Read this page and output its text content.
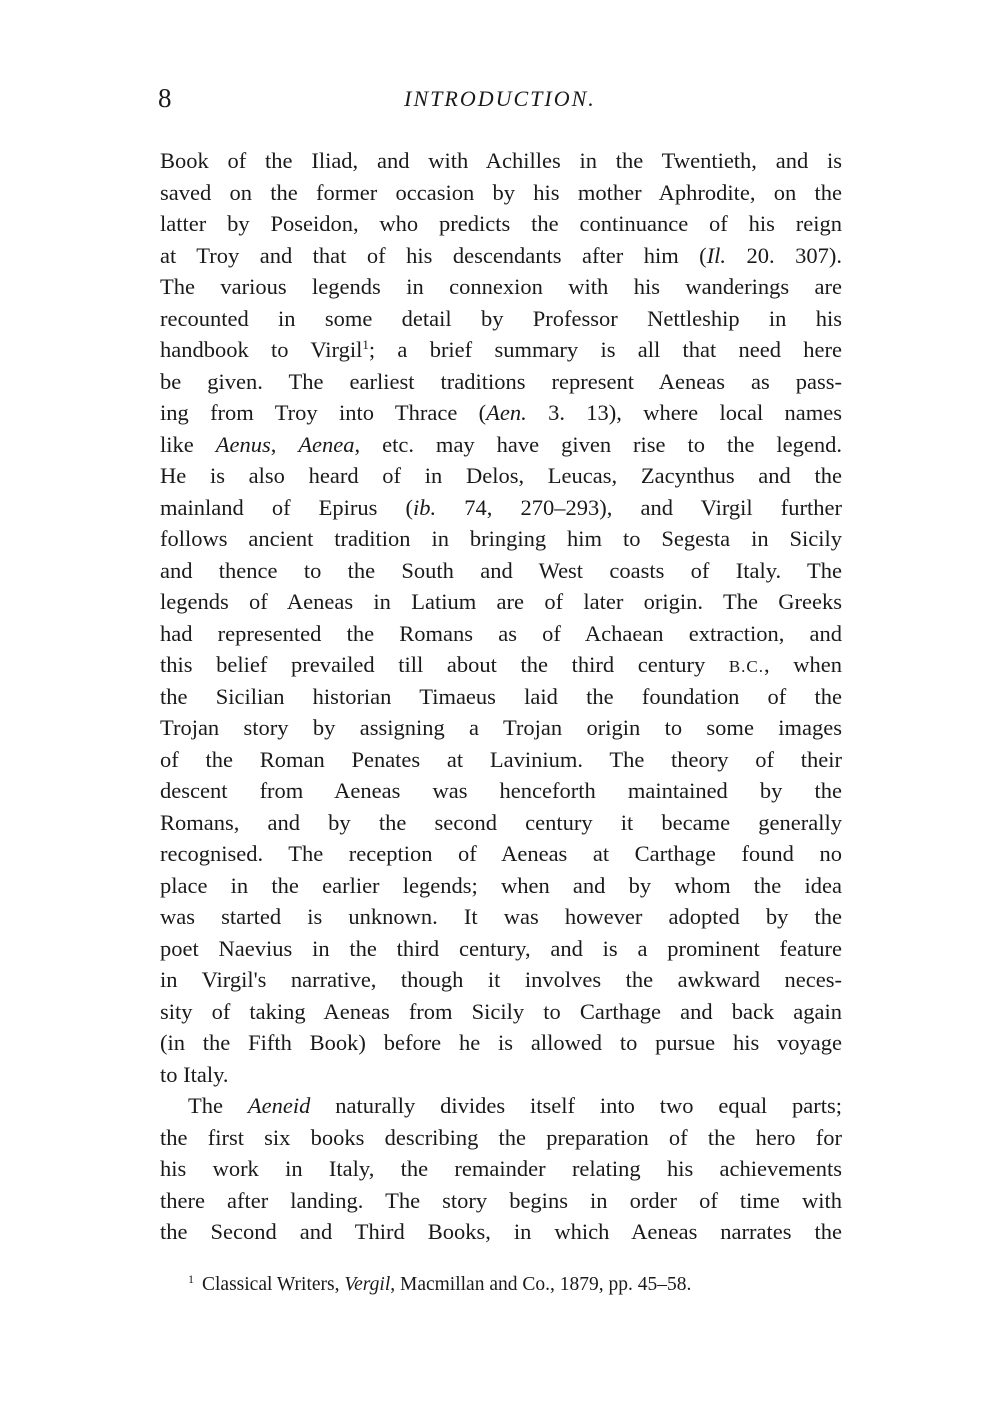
8	INTRODUCTION.
Book of the Iliad, and with Achilles in the Twentieth, and is
saved on the former occasion by his mother Aphrodite, on the
latter by Poseidon, who predicts the continuance of his reign
at Troy and that of his descendants after him (Il. 20. 307).
The various legends in connexion with his wanderings are
recounted in some detail by Professor Nettleship in his
handbook to Virgil$^1$; a brief summary is all that need here
be given. The earliest traditions represent Aeneas as pass-
ing from Troy into Thrace (Aen. 3. 13), where local names
like Aenus, Aenea, etc. may have given rise to the legend.
He is also heard of in Delos, Leucas, Zacynthus and the
mainland of Epirus (ib. 74, 270–293), and Virgil further
follows ancient tradition in bringing him to Segesta in Sicily
and thence to the South and West coasts of Italy. The
legends of Aeneas in Latium are of later origin. The Greeks
had represented the Romans as of Achaean extraction, and
this belief prevailed till about the third century B.C., when
the Sicilian historian Timaeus laid the foundation of the
Trojan story by assigning a Trojan origin to some images
of the Roman Penates at Lavinium. The theory of their
descent from Aeneas was henceforth maintained by the
Romans, and by the second century it became generally
recognised. The reception of Aeneas at Carthage found no
place in the earlier legends; when and by whom the idea
was started is unknown. It was however adopted by the
poet Naevius in the third century, and is a prominent feature
in Virgil's narrative, though it involves the awkward neces-
sity of taking Aeneas from Sicily to Carthage and back again
(in the Fifth Book) before he is allowed to pursue his voyage
to Italy.
The Aeneid naturally divides itself into two equal parts;
the first six books describing the preparation of the hero for
his work in Italy, the remainder relating his achievements
there after landing. The story begins in order of time with
the Second and Third Books, in which Aeneas narrates the
$^1$ Classical Writers, Vergil, Macmillan and Co., 1879, pp. 45–58.
